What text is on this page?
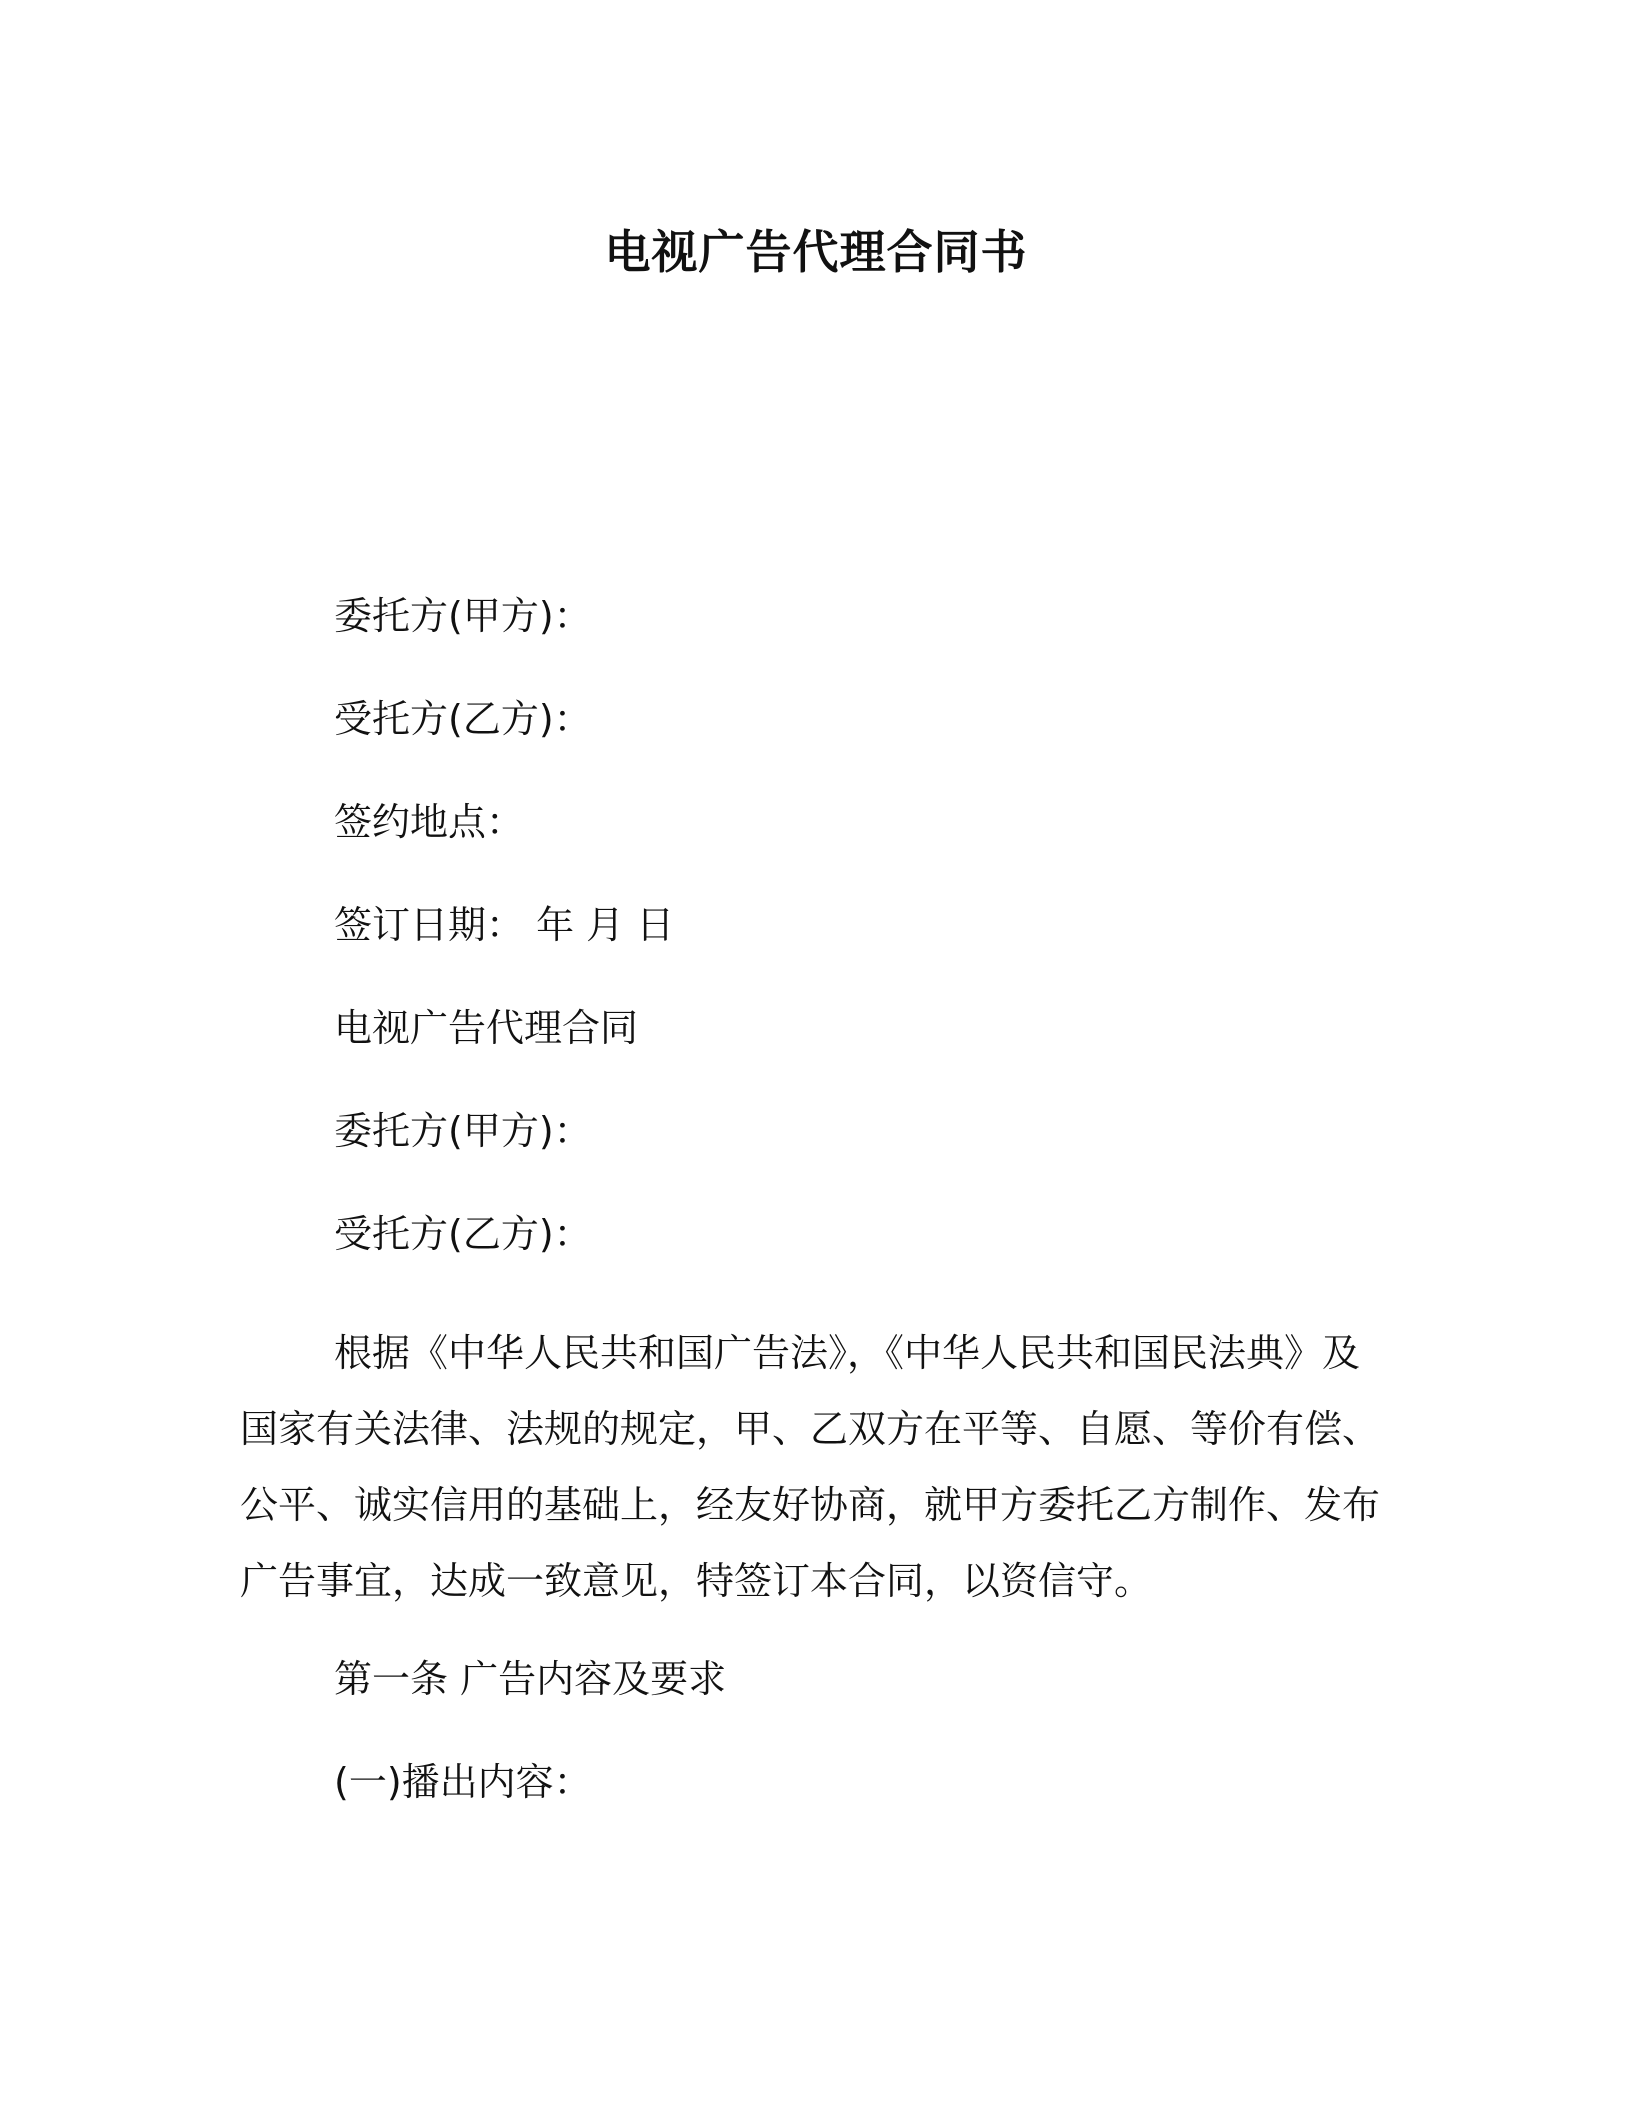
电视广告代理合同书
委托方(甲方)：
受托方(乙方)：
签约地点：
签订日期： 年 月 日
电视广告代理合同
委托方(甲方)：
受托方(乙方)：
根据《中华人民共和国广告法》，《中华人民共和国民法典》及
国家有关法律、法规的规定，甲、乙双方在平等、自愿、等价有偿、
公平、诚实信用的基础上，经友好协商，就甲方委托乙方制作、发布
广告事宜，达成一致意见，特签订本合同，以资信守。
第一条 广告内容及要求
(一)播出内容：
